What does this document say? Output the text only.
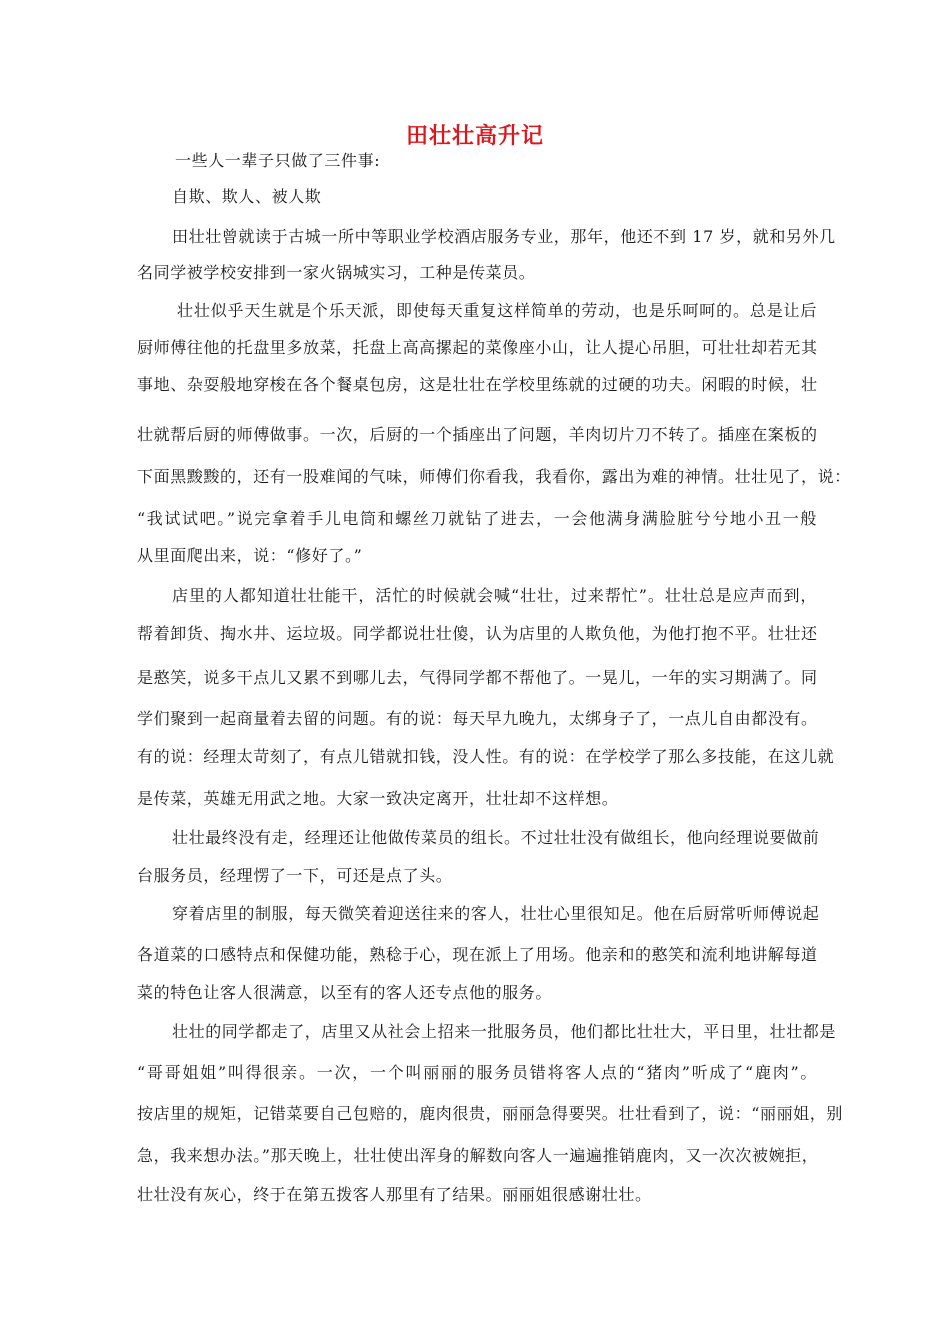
田壮壮高升记
一些人一辈子只做了三件事:
自欺、欺人、被人欺
田壮壮曾就读于古城一所中等职业学校酒店服务专业，那年，他还不到 17 岁，就和另外几
名同学被学校安排到一家火锅城实习，工种是传菜员。
壮壮似乎天生就是个乐天派，即使每天重复这样简单的劳动，也是乐呵呵的。总是让后
厨师傅往他的托盘里多放菜，托盘上高高摞起的菜像座小山，让人提心吊胆，可壮壮却若无其
事地、杂耍般地穿梭在各个餐桌包房，这是壮壮在学校里练就的过硬的功夫。闲暇的时候，壮
壮就帮后厨的师傅做事。一次，后厨的一个插座出了问题，羊肉切片刀不转了。插座在案板的
下面黑黢黢的，还有一股难闻的气味，师傅们你看我，我看你，露出为难的神情。壮壮见了，说：
“我试试吧。”说完拿着手儿电筒和螺丝刀就钻了进去，一会他满身满脸脏兮兮地小丑一般
从里面爬出来，说：“修好了。”
店里的人都知道壮壮能干，活忙的时候就会喊“壮壮，过来帮忙”。壮壮总是应声而到，
帮着卸货、掏水井、运垃圾。同学都说壮壮傻，认为店里的人欺负他，为他打抱不平。壮壮还
是憨笑，说多干点儿又累不到哪儿去，气得同学都不帮他了。一晃儿，一年的实习期满了。同
学们聚到一起商量着去留的问题。有的说：每天早九晚九，太绑身子了，一点儿自由都没有。
有的说：经理太苛刻了，有点儿错就扣钱，没人性。有的说：在学校学了那么多技能，在这儿就
是传菜，英雄无用武之地。大家一致决定离开，壮壮却不这样想。
壮壮最终没有走，经理还让他做传菜员的组长。不过壮壮没有做组长，他向经理说要做前
台服务员，经理愣了一下，可还是点了头。
穿着店里的制服，每天微笑着迎送往来的客人，壮壮心里很知足。他在后厨常听师傅说起
各道菜的口感特点和保健功能，熟稔于心，现在派上了用场。他亲和的憨笑和流利地讲解每道
菜的特色让客人很满意，以至有的客人还专点他的服务。
壮壮的同学都走了，店里又从社会上招来一批服务员，他们都比壮壮大，平日里，壮壮都是
“哥哥姐姐”叫得很亲。一次，一个叫丽丽的服务员错将客人点的“猪肉”听成了“鹿肉”。
按店里的规矩，记错菜要自己包赔的，鹿肉很贵，丽丽急得要哭。壮壮看到了，说：“丽丽姐，别
急，我来想办法。”那天晚上，壮壮使出浑身的解数向客人一遍遍推销鹿肉，又一次次被婉拒，
壮壮没有灰心，终于在第五拨客人那里有了结果。丽丽姐很感谢壮壮。
